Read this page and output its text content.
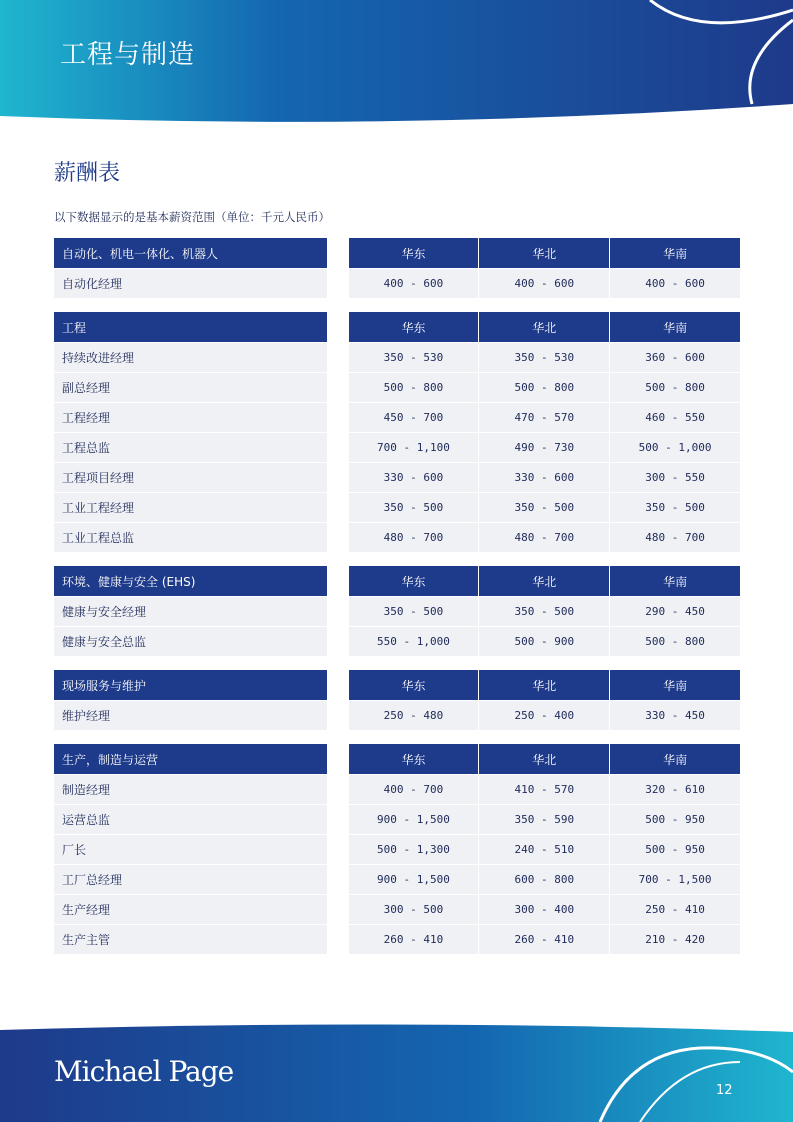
工程与制造
薪酬表
以下数据显示的是基本薪资范围（单位：千元人民币）
自动化、机电一体化、机器人	华东	华北	华南
自动化经理	400 - 600	400 - 600	400 - 600
工程	华东	华北	华南
持续改进经理	350 - 530	350 - 530	360 - 600
副总经理	500 - 800	500 - 800	500 - 800
工程经理	450 - 700	470 - 570	460 - 550
工程总监	700 - 1,100	490 - 730	500 - 1,000
工程项目经理	330 - 600	330 - 600	300 - 550
工业工程经理	350 - 500	350 - 500	350 - 500
工业工程总监	480 - 700	480 - 700	480 - 700
环境、健康与安全 (EHS)	华东	华北	华南
健康与安全经理	350 - 500	350 - 500	290 - 450
健康与安全总监	550 - 1,000	500 - 900	500 - 800
现场服务与维护	华东	华北	华南
维护经理	250 - 480	250 - 400	330 - 450
生产，制造与运营	华东	华北	华南
制造经理	400 - 700	410 - 570	320 - 610
运营总监	900 - 1,500	350 - 590	500 - 950
厂长	500 - 1,300	240 - 510	500 - 950
工厂总经理	900 - 1,500	600 - 800	700 - 1,500
生产经理	300 - 500	300 - 400	250 - 410
生产主管	260 - 410	260 - 410	210 - 420
Michael Page
12
